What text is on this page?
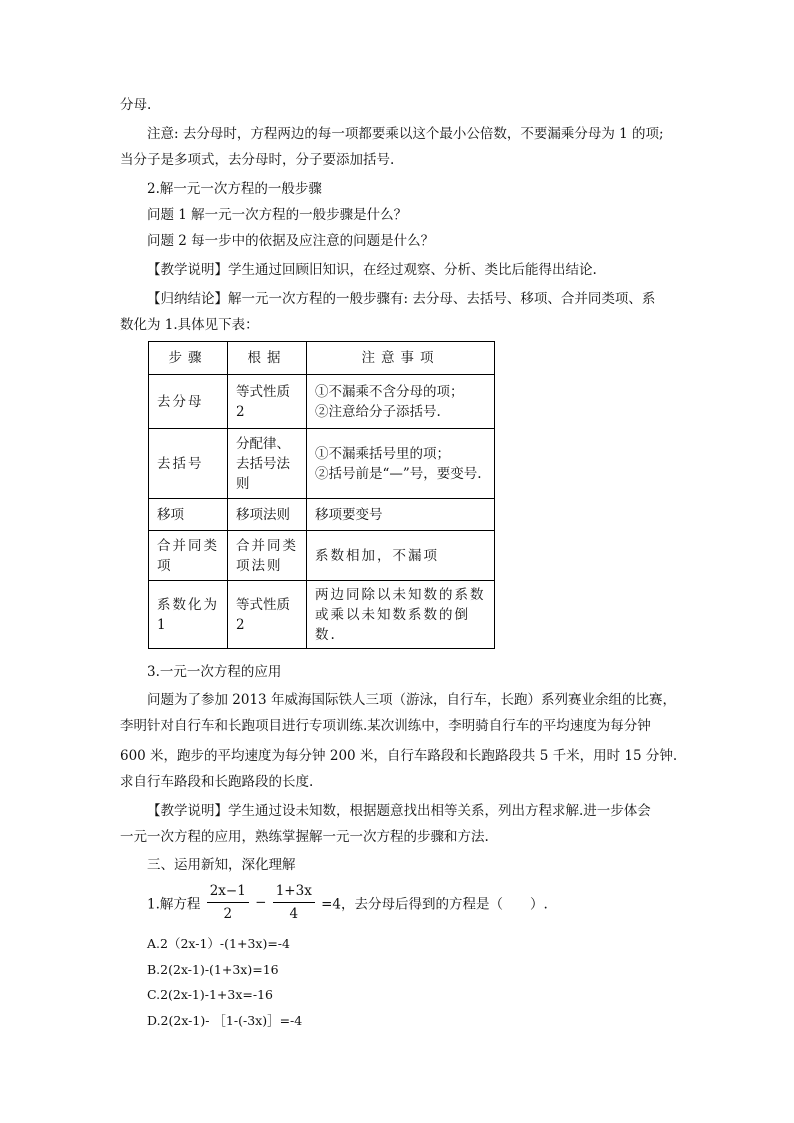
分母.
注意: 去分母时，方程两边的每一项都要乘以这个最小公倍数，不要漏乘分母为 1 的项;
当分子是多项式，去分母时，分子要添加括号.
2.解一元一次方程的一般步骤
问题 1 解一元一次方程的一般步骤是什么？
问题 2 每一步中的依据及应注意的问题是什么？
【教学说明】学生通过回顾旧知识，在经过观察、分析、类比后能得出结论.
【归纳结论】解一元一次方程的一般步骤有: 去分母、去括号、移项、合并同类项、系
数化为 1.具体见下表：
步骤	根据	注意事项
去分母	等式性质 2	①不漏乘不含分母的项；
②注意给分子添括号.

去括号	分配律、去括号法则	①不漏乘括号里的项；
②括号前是“—”号，要变号.

移项	移项法则	移项要变号
合并同类项	合并同类项法则	系数相加，不漏项
系数化为 1	等式性质 2	两边同除以未知数的系数或乘以未知数系数的倒数.
3.一元一次方程的应用
问题为了参加 2013 年威海国际铁人三项（游泳，自行车，长跑）系列赛业余组的比赛，
李明针对自行车和长跑项目进行专项训练.某次训练中，李明骑自行车的平均速度为每分钟
600 米，跑步的平均速度为每分钟 200 米，自行车路段和长跑路段共 5 千米，用时 15 分钟.
求自行车路段和长跑路段的长度.
【教学说明】学生通过设未知数，根据题意找出相等关系，列出方程求解.进一步体会
一元一次方程的应用，熟练掌握解一元一次方程的步骤和方法.
三、运用新知，深化理解
1.解方程 $\frac{2x-1}{2} - \frac{1+3x}{4} =4$，去分母后得到的方程是（　　）.
A.2（2x-1）-(1+3x)=-4
B.2(2x-1)-(1+3x)=16
C.2(2x-1)-1+3x=-16
D.2(2x-1)- ［1-(-3x)］=-4
